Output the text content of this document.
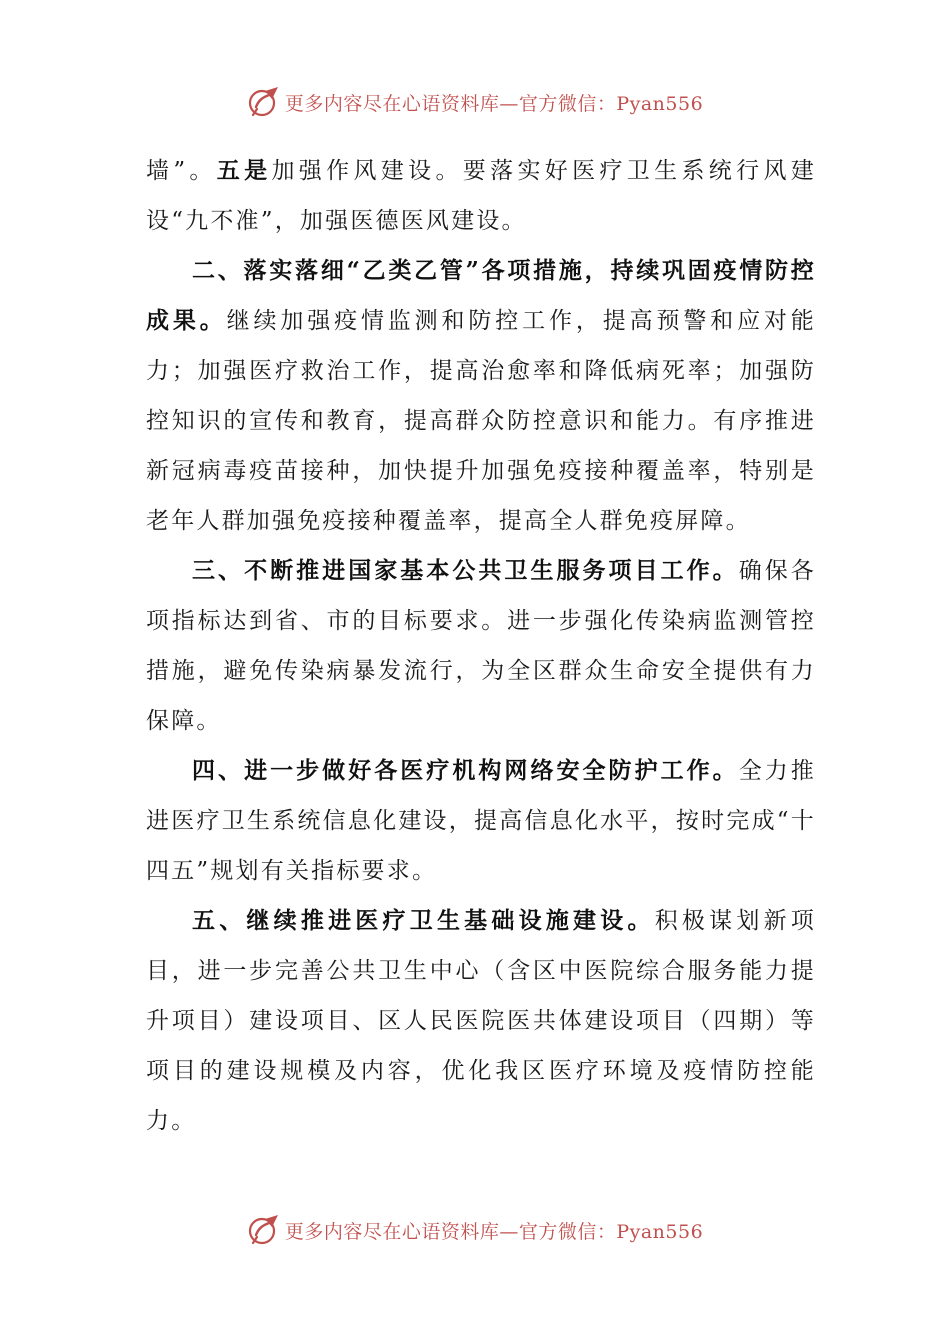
更多内容尽在心语资料库—官方微信：Pyan556

墙”。五是加强作风建设。要落实好医疗卫生系统行风建设“九不准”，加强医德医风建设。

二、落实落细“乙类乙管”各项措施，持续巩固疫情防控成果。继续加强疫情监测和防控工作，提高预警和应对能力；加强医疗救治工作，提高治愈率和降低病死率；加强防控知识的宣传和教育，提高群众防控意识和能力。有序推进新冠病毒疫苗接种，加快提升加强免疫接种覆盖率，特别是老年人群加强免疫接种覆盖率，提高全人群免疫屏障。

三、不断推进国家基本公共卫生服务项目工作。确保各项指标达到省、市的目标要求。进一步强化传染病监测管控措施，避免传染病暴发流行，为全区群众生命安全提供有力保障。

四、进一步做好各医疗机构网络安全防护工作。全力推进医疗卫生系统信息化建设，提高信息化水平，按时完成“十四五”规划有关指标要求。

五、继续推进医疗卫生基础设施建设。积极谋划新项目，进一步完善公共卫生中心（含区中医院综合服务能力提升项目）建设项目、区人民医院医共体建设项目（四期）等项目的建设规模及内容，优化我区医疗环境及疫情防控能力。

更多内容尽在心语资料库—官方微信：Pyan556
